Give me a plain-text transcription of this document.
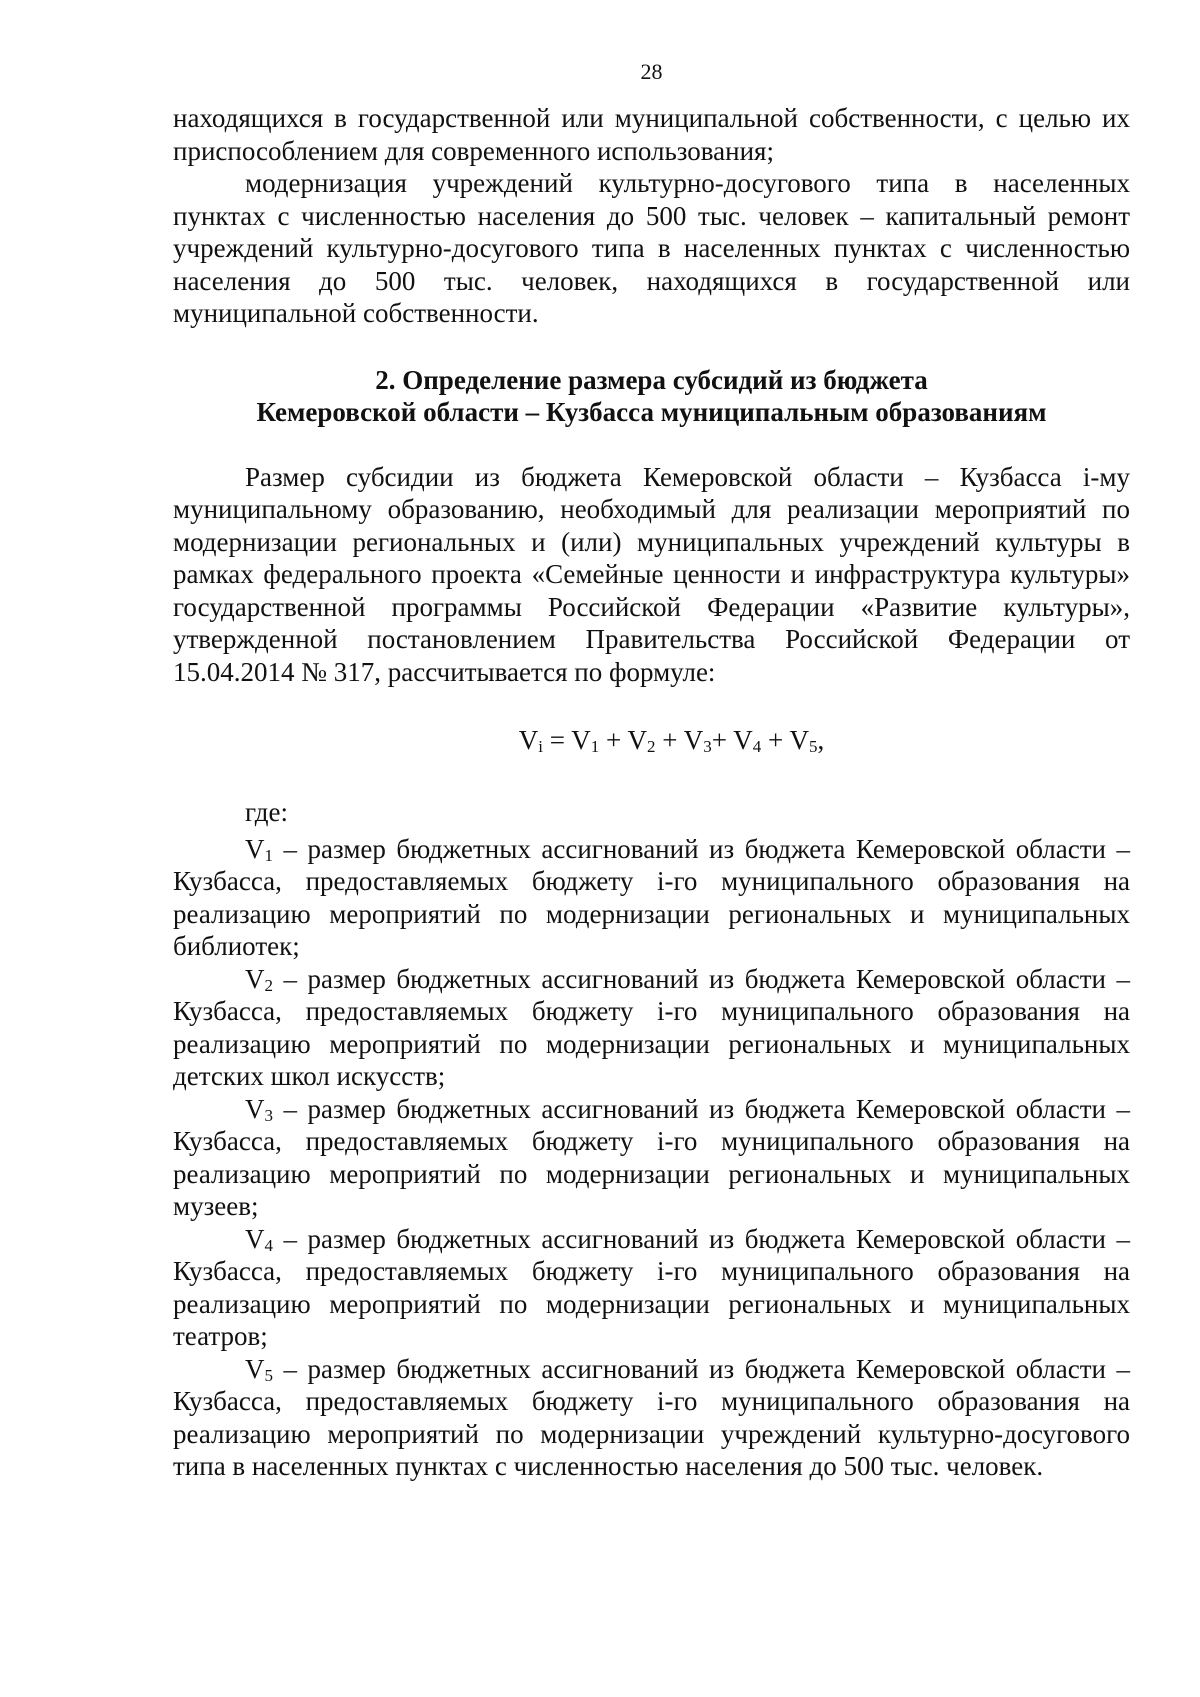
28

находящихся в государственной или муниципальной собственности, с целью их приспособлением для современного использования;

модернизация учреждений культурно-досугового типа в населенных пунктах с численностью населения до 500 тыс. человек – капитальный ремонт учреждений культурно-досугового типа в населенных пунктах с численностью населения до 500 тыс. человек, находящихся в государственной или муниципальной собственности.

2. Определение размера субсидий из бюджета
Кемеровской области – Кузбасса муниципальным образованиям

Размер субсидии из бюджета Кемеровской области – Кузбасса i-му муниципальному образованию, необходимый для реализации мероприятий по модернизации региональных и (или) муниципальных учреждений культуры в рамках федерального проекта «Семейные ценности и инфраструктура культуры» государственной программы Российской Федерации «Развитие культуры», утвержденной постановлением Правительства Российской Федерации от 15.04.2014 № 317, рассчитывается по формуле:

$V_i = V_1 + V_2 + V_3+ V_4 + V_5$,

где:

$V_1$ – размер бюджетных ассигнований из бюджета Кемеровской области – Кузбасса, предоставляемых бюджету i-го муниципального образования на реализацию мероприятий по модернизации региональных и муниципальных библиотек;

$V_2$ – размер бюджетных ассигнований из бюджета Кемеровской области – Кузбасса, предоставляемых бюджету i-го муниципального образования на реализацию мероприятий по модернизации региональных и муниципальных детских школ искусств;

$V_3$ – размер бюджетных ассигнований из бюджета Кемеровской области – Кузбасса, предоставляемых бюджету i-го муниципального образования на реализацию мероприятий по модернизации региональных и муниципальных музеев;

$V_4$ – размер бюджетных ассигнований из бюджета Кемеровской области – Кузбасса, предоставляемых бюджету i-го муниципального образования на реализацию мероприятий по модернизации региональных и муниципальных театров;

$V_5$ – размер бюджетных ассигнований из бюджета Кемеровской области – Кузбасса, предоставляемых бюджету i-го муниципального образования на реализацию мероприятий по модернизации учреждений культурно-досугового типа в населенных пунктах с численностью населения до 500 тыс. человек.
